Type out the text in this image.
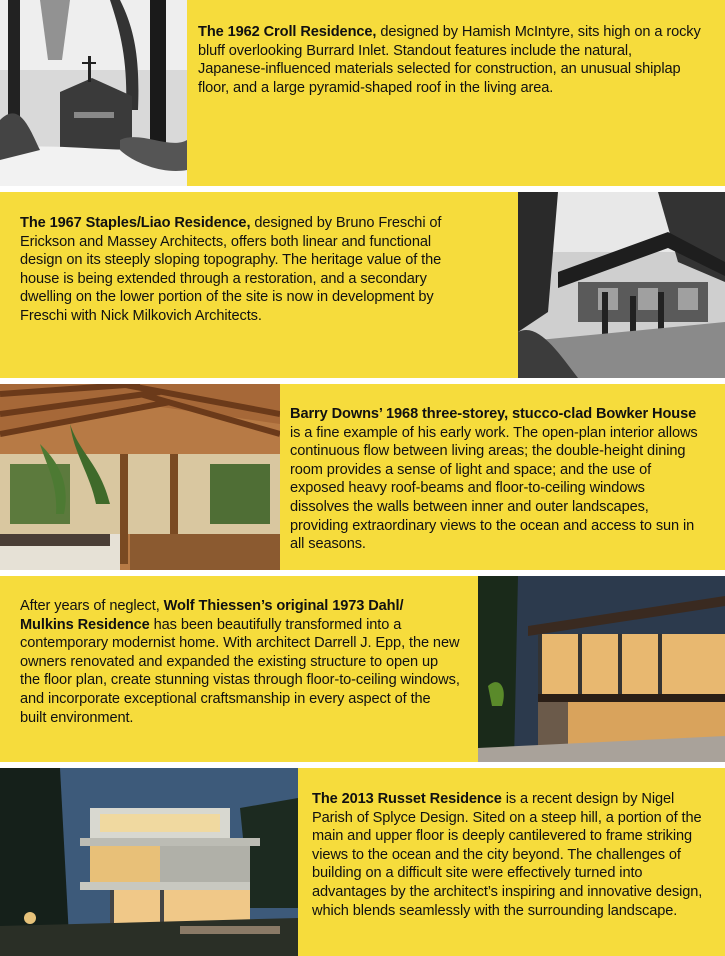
The 1962 Croll Residence, designed by Hamish McIntyre, sits high on a rocky bluff overlooking Burrard Inlet. Standout features include the natural, Japanese-influenced materials selected for construction, an unusual shiplap floor, and a large pyramid-shaped roof in the living area.
The 1967 Staples/Liao Residence, designed by Bruno Freschi of Erickson and Massey Architects, offers both linear and functional design on its steeply sloping topography. The heritage value of the house is being extended through a restoration, and a secondary dwelling on the lower portion of the site is now in development by Freschi with Nick Milkovich Architects.
Barry Downs’ 1968 three-storey, stucco-clad Bowker House is a fine example of his early work. The open-plan interior allows continuous flow between living areas; the double-height dining room provides a sense of light and space; and the use of exposed heavy roof-beams and floor-to-ceiling windows dissolves the walls between inner and outer landscapes, providing extraordinary views to the ocean and access to sun in all seasons.
After years of neglect, Wolf Thiessen’s original 1973 Dahl/ Mulkins Residence has been beautifully transformed into a contemporary modernist home. With architect Darrell J. Epp, the new owners renovated and expanded the existing structure to open up the floor plan, create stunning vistas through floor-to-ceiling windows, and incorporate exceptional craftsmanship in every aspect of the built environment.
The 2013 Russet Residence is a recent design by Nigel Parish of Splyce Design. Sited on a steep hill, a portion of the main and upper floor is deeply cantilevered to frame striking views to the ocean and the city beyond. The challenges of building on a difficult site were effectively turned into advantages by the architect’s inspiring and innovative design, which blends seamlessly with the surrounding landscape.
